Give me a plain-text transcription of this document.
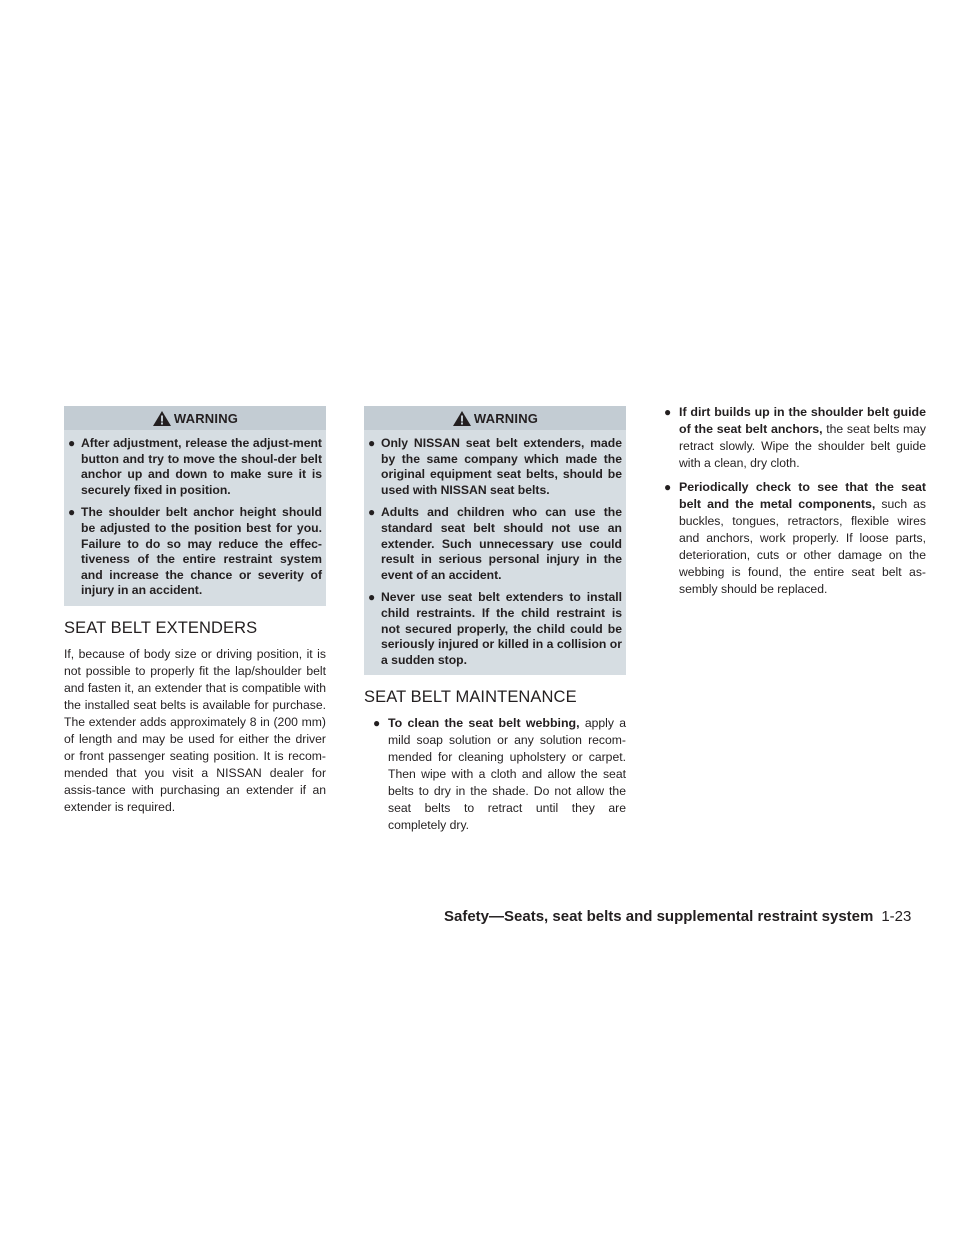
WARNING
● After adjustment, release the adjust-ment button and try to move the shoul-der belt anchor up and down to make sure it is securely fixed in position.
● The shoulder belt anchor height should be adjusted to the position best for you. Failure to do so may reduce the effec-tiveness of the entire restraint system and increase the chance or severity of injury in an accident.
SEAT BELT EXTENDERS

If, because of body size or driving position, it is not possible to properly fit the lap/shoulder belt and fasten it, an extender that is compatible with the installed seat belts is available for purchase. The extender adds approximately 8 in (200 mm) of length and may be used for either the driver or front passenger seating position. It is recom-mended that you visit a NISSAN dealer for assis-tance with purchasing an extender if an extender is required.

WARNING
● Only NISSAN seat belt extenders, made by the same company which made the original equipment seat belts, should be used with NISSAN seat belts.
● Adults and children who can use the standard seat belt should not use an extender. Such unnecessary use could result in serious personal injury in the event of an accident.
● Never use seat belt extenders to install child restraints. If the child restraint is not secured properly, the child could be seriously injured or killed in a collision or a sudden stop.
SEAT BELT MAINTENANCE
● To clean the seat belt webbing, apply a mild soap solution or any solution recom-mended for cleaning upholstery or carpet. Then wipe with a cloth and allow the seat belts to dry in the shade. Do not allow the seat belts to retract until they are completely dry.
● If dirt builds up in the shoulder belt guide of the seat belt anchors, the seat belts may retract slowly. Wipe the shoulder belt guide with a clean, dry cloth.
● Periodically check to see that the seat belt and the metal components, such as buckles, tongues, retractors, flexible wires and anchors, work properly. If loose parts, deterioration, cuts or other damage on the webbing is found, the entire seat belt as-sembly should be replaced.
Safety—Seats, seat belts and supplemental restraint system 1-23
